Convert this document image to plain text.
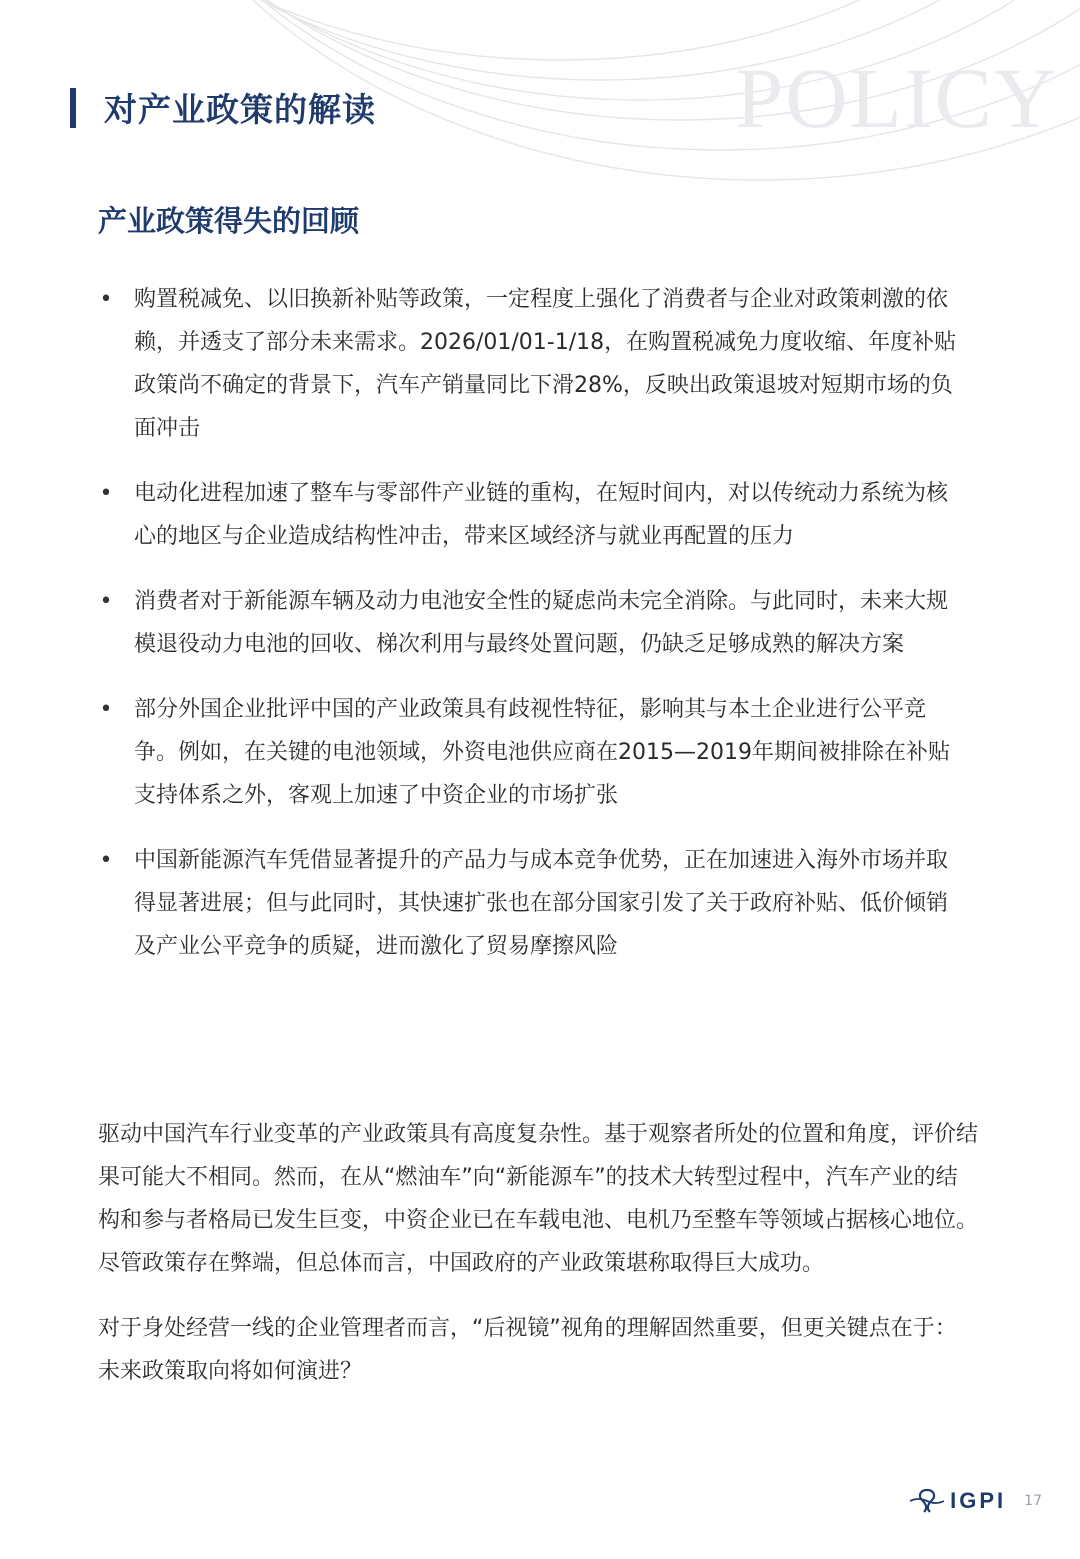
POLICY
对产业政策的解读
产业政策得失的回顾
• 购置税减免、以旧换新补贴等政策，一定程度上强化了消费者与企业对政策刺激的依赖，并透支了部分未来需求。2026/01/01-1/18，在购置税减免力度收缩、年度补贴政策尚不确定的背景下，汽车产销量同比下滑28%，反映出政策退坡对短期市场的负面冲击
• 电动化进程加速了整车与零部件产业链的重构，在短时间内，对以传统动力系统为核心的地区与企业造成结构性冲击，带来区域经济与就业再配置的压力
• 消费者对于新能源车辆及动力电池安全性的疑虑尚未完全消除。与此同时，未来大规模退役动力电池的回收、梯次利用与最终处置问题，仍缺乏足够成熟的解决方案
• 部分外国企业批评中国的产业政策具有歧视性特征，影响其与本土企业进行公平竞争。例如，在关键的电池领域，外资电池供应商在2015—2019年期间被排除在补贴支持体系之外，客观上加速了中资企业的市场扩张
• 中国新能源汽车凭借显著提升的产品力与成本竞争优势，正在加速进入海外市场并取得显著进展；但与此同时，其快速扩张也在部分国家引发了关于政府补贴、低价倾销及产业公平竞争的质疑，进而激化了贸易摩擦风险

驱动中国汽车行业变革的产业政策具有高度复杂性。基于观察者所处的位置和角度，评价结果可能大不相同。然而，在从“燃油车”向“新能源车”的技术大转型过程中，汽车产业的结构和参与者格局已发生巨变，中资企业已在车载电池、电机乃至整车等领域占据核心地位。尽管政策存在弊端，但总体而言，中国政府的产业政策堪称取得巨大成功。

对于身处经营一线的企业管理者而言，“后视镜”视角的理解固然重要，但更关键点在于：未来政策取向将如何演进？

IGPI 17
